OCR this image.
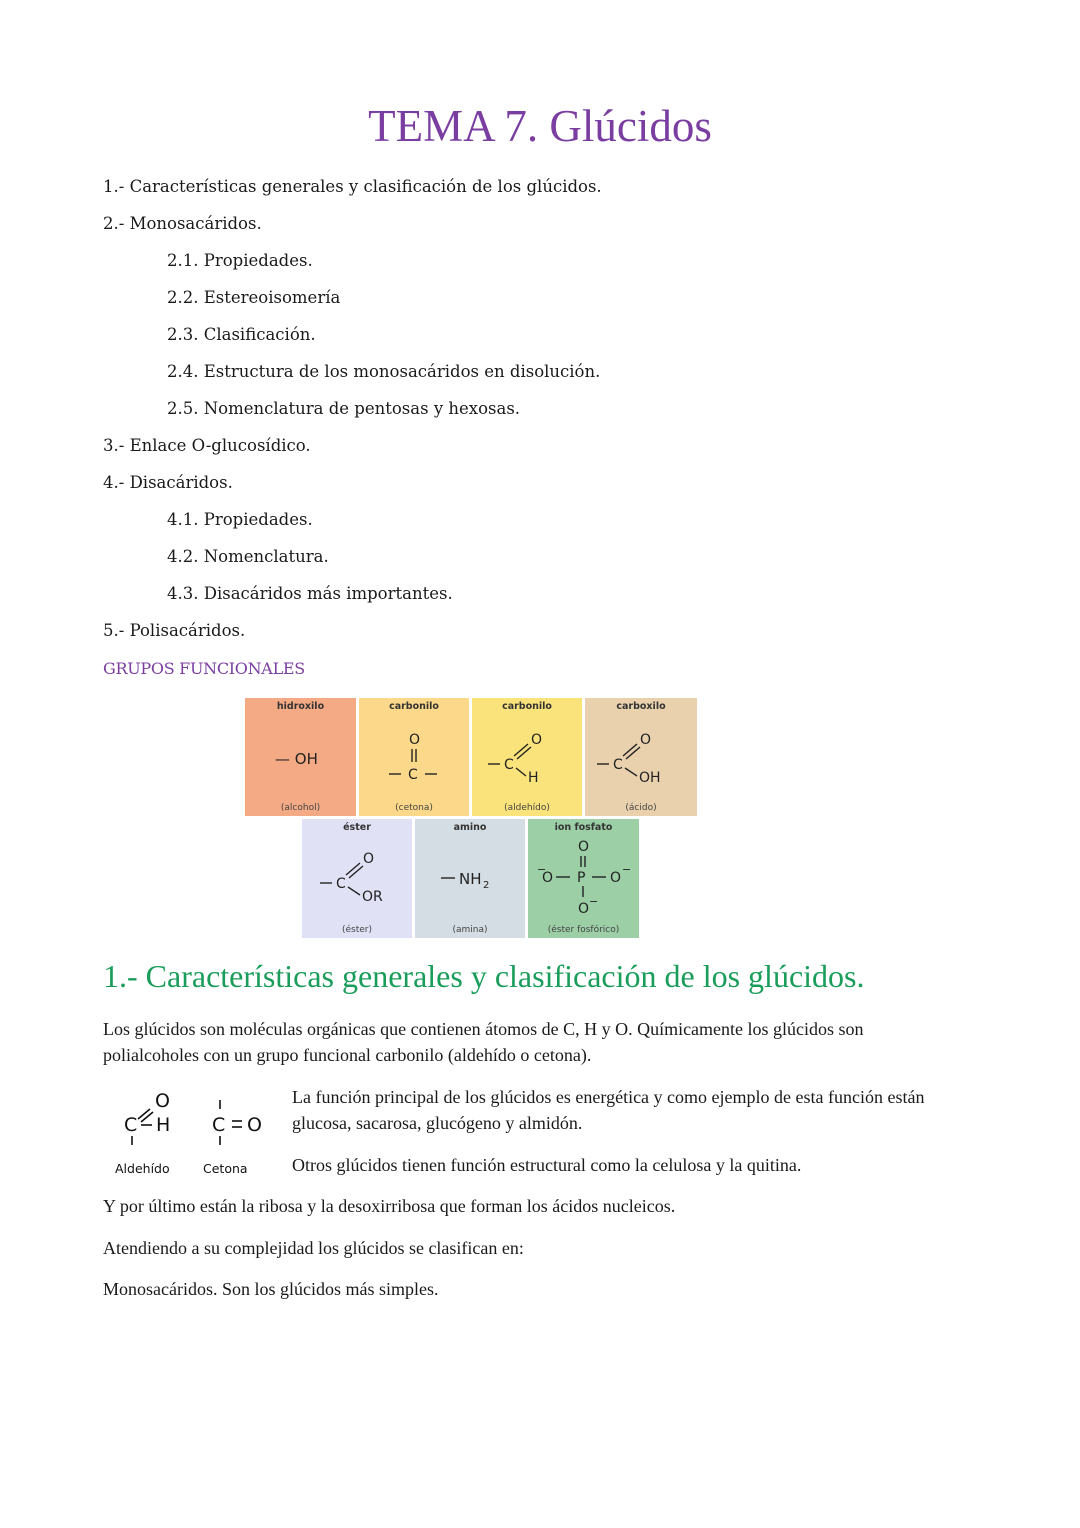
TEMA 7. Glúcidos
1.- Características generales y clasificación de los glúcidos.
2.- Monosacáridos.
2.1. Propiedades.
2.2. Estereoisomería
2.3. Clasificación.
2.4. Estructura de los monosacáridos en disolución.
2.5. Nomenclatura de pentosas y hexosas.
3.- Enlace O-glucosídico.
4.- Disacáridos.
4.1. Propiedades.
4.2. Nomenclatura.
4.3. Disacáridos más importantes.
5.- Polisacáridos.
GRUPOS FUNCIONALES
hidroxilo
— OH
(alcohol)
carbonilo
O
C
(cetona)
carbonilo
C
O
H
(aldehído)
carboxilo
C
O
OH
(ácido)
éster
C
O
OR
(éster)
amino
NH 2
(amina)
ion fosfato
O
O
−
P O
−
O −
(éster fosfórico)
1.- Características generales y clasificación de los glúcidos.
Los glúcidos son moléculas orgánicas que contienen átomos de C, H y O. Químicamente los glúcidos son polialcoholes con un grupo funcional carbonilo (aldehído o cetona).
C
O
H C O
Aldehído	Cetona
La función principal de los glúcidos es energética y como ejemplo de esta función están glucosa, sacarosa, glucógeno y almidón.
Otros glúcidos tienen función estructural como la celulosa y la quitina.
Y por último están la ribosa y la desoxirribosa que forman los ácidos nucleicos.
Atendiendo a su complejidad los glúcidos se clasifican en:
Monosacáridos. Son los glúcidos más simples.
